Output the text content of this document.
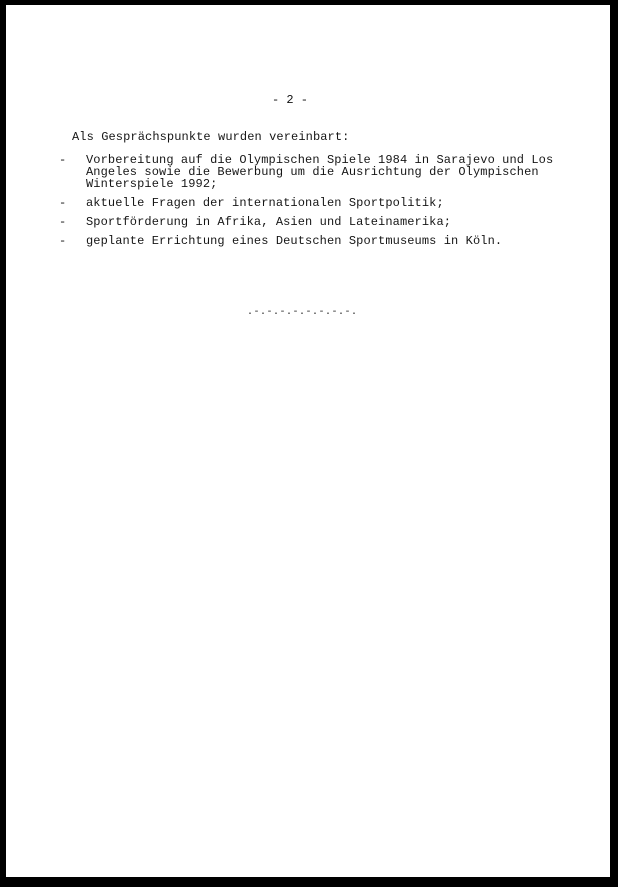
- 2 -
Als Gesprächspunkte wurden vereinbart:
- Vorbereitung auf die Olympischen Spiele 1984 in Sarajevo und Los
Angeles sowie die Bewerbung um die Ausrichtung der Olympischen
Winterspiele 1992;
- aktuelle Fragen der internationalen Sportpolitik;
- Sportförderung in Afrika, Asien und Lateinamerika;
- geplante Errichtung eines Deutschen Sportmuseums in Köln.
.-.-.-.-.-.-.-.-.
